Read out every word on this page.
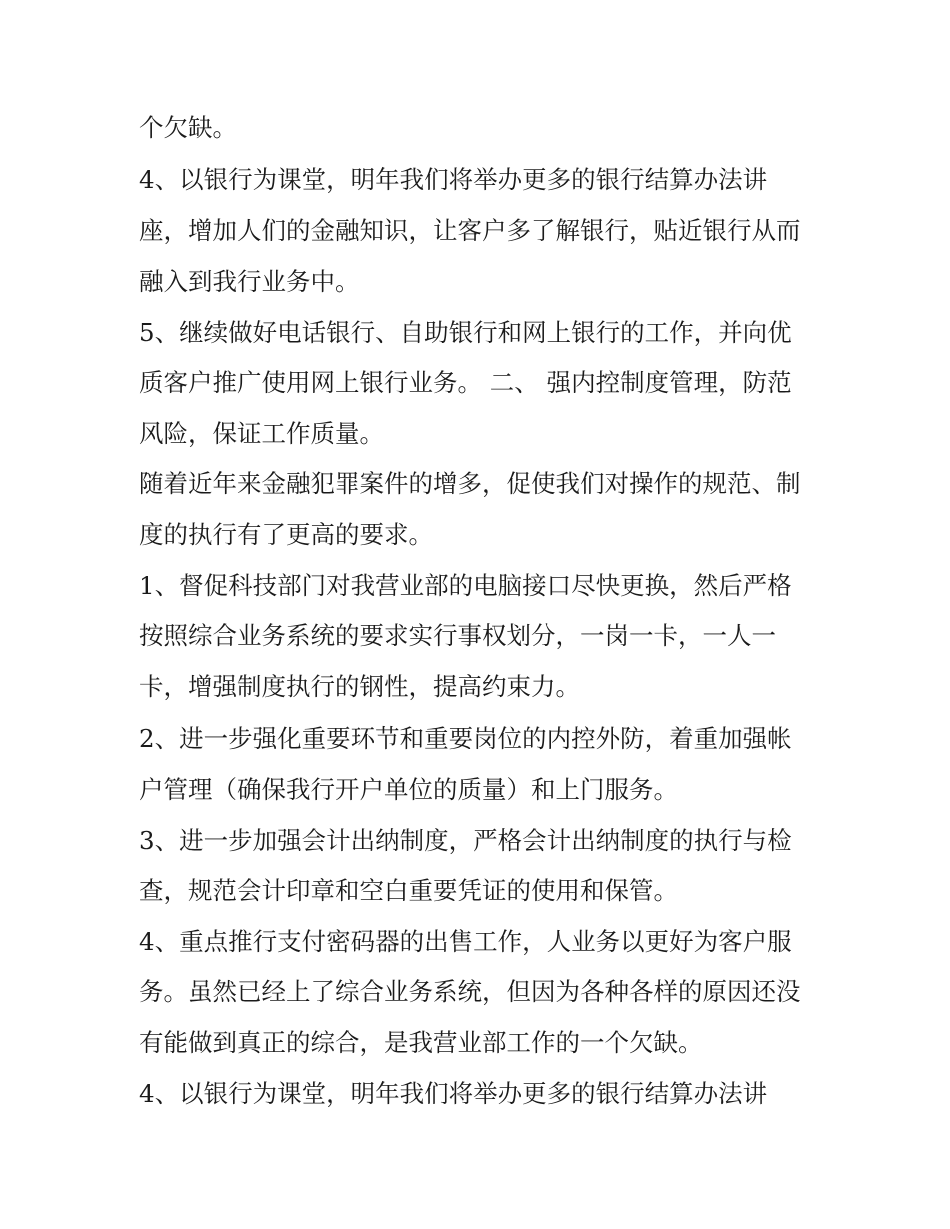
个欠缺。
4、以银行为课堂，明年我们将举办更多的银行结算办法讲
座，增加人们的金融知识，让客户多了解银行，贴近银行从而
融入到我行业务中。
5、继续做好电话银行、自助银行和网上银行的工作，并向优
质客户推广使用网上银行业务。 二、 强内控制度管理，防范
风险，保证工作质量。
随着近年来金融犯罪案件的增多，促使我们对操作的规范、制
度的执行有了更高的要求。
1、督促科技部门对我营业部的电脑接口尽快更换，然后严格
按照综合业务系统的要求实行事权划分，一岗一卡，一人一
卡，增强制度执行的钢性，提高约束力。
2、进一步强化重要环节和重要岗位的内控外防，着重加强帐
户管理（确保我行开户单位的质量）和上门服务。
3、进一步加强会计出纳制度，严格会计出纳制度的执行与检
查，规范会计印章和空白重要凭证的使用和保管。
4、重点推行支付密码器的出售工作，人业务以更好为客户服
务。虽然已经上了综合业务系统，但因为各种各样的原因还没
有能做到真正的综合，是我营业部工作的一个欠缺。
4、以银行为课堂，明年我们将举办更多的银行结算办法讲
